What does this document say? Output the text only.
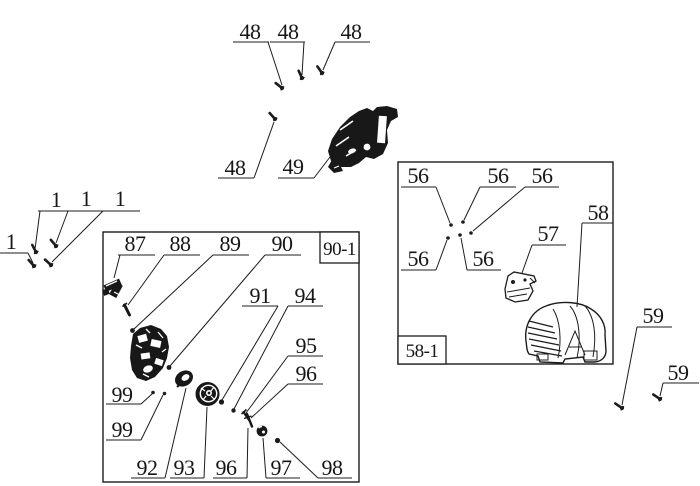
90-1
58-1
48 48 48
48 49
1 1 1
1
56	56 56
56 56
57
58
59
59
87 88 89 90
91 94
95
96
99
99
92 93 96 97 98
